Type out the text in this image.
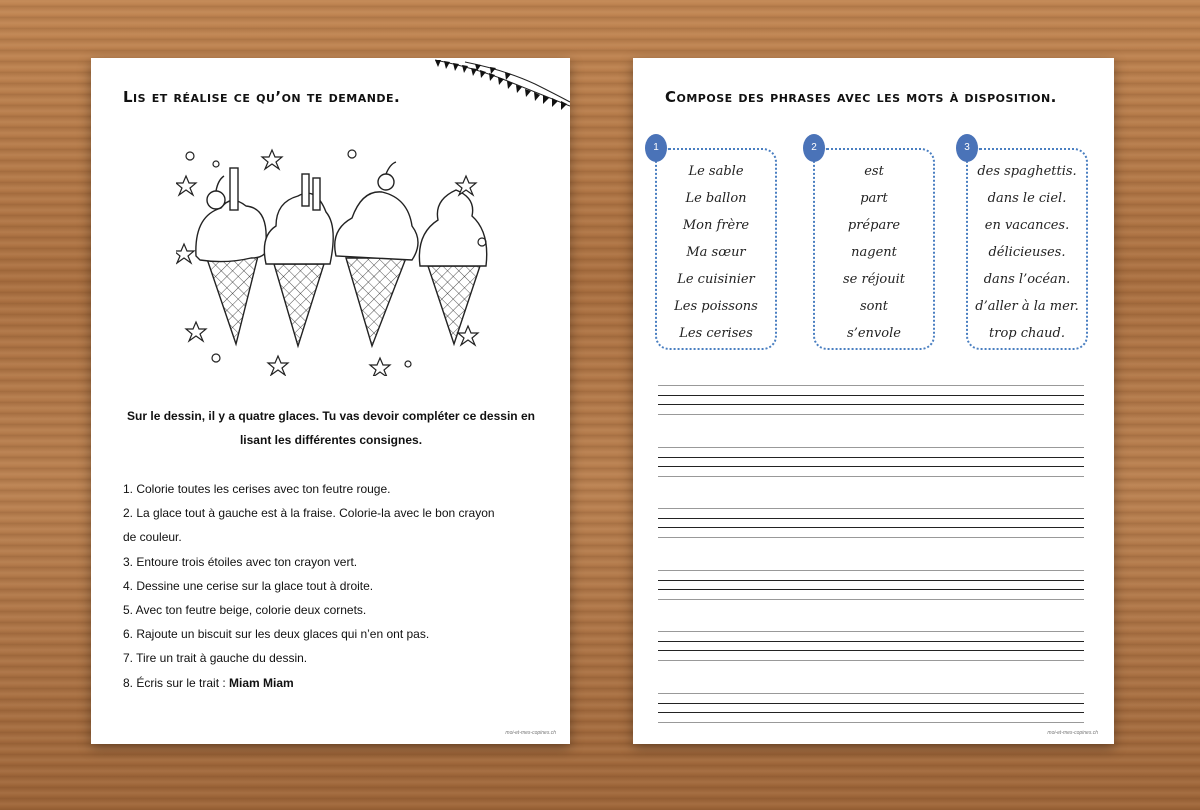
Lis et réalise ce qu’on te demande.
Sur le dessin, il y a quatre glaces. Tu vas devoir compléter ce dessin en
lisant les différentes consignes.
1. Colorie toutes les cerises avec ton feutre rouge.
2. La glace tout à gauche est à la fraise. Colorie-la avec le bon crayon
de couleur.
3. Entoure trois étoiles avec ton crayon vert.
4. Dessine une cerise sur la glace tout à droite.
5. Avec ton feutre beige, colorie deux cornets.
6. Rajoute un biscuit sur les deux glaces qui n’en ont pas.
7. Tire un trait à gauche du dessin.
8. Écris sur le trait : Miam Miam
moi-et-mes-copines.ch
Compose des phrases avec les mots à disposition.
1
Le sable
Le ballon
Mon frère
Ma sœur
Le cuisinier
Les poissons
Les cerises
2
est
part
prépare
nagent
se réjouit
sont
s’envole
3
des spaghettis.
dans le ciel.
en vacances.
délicieuses.
dans l’océan.
d’aller à la mer.
trop chaud.
moi-et-mes-copines.ch
